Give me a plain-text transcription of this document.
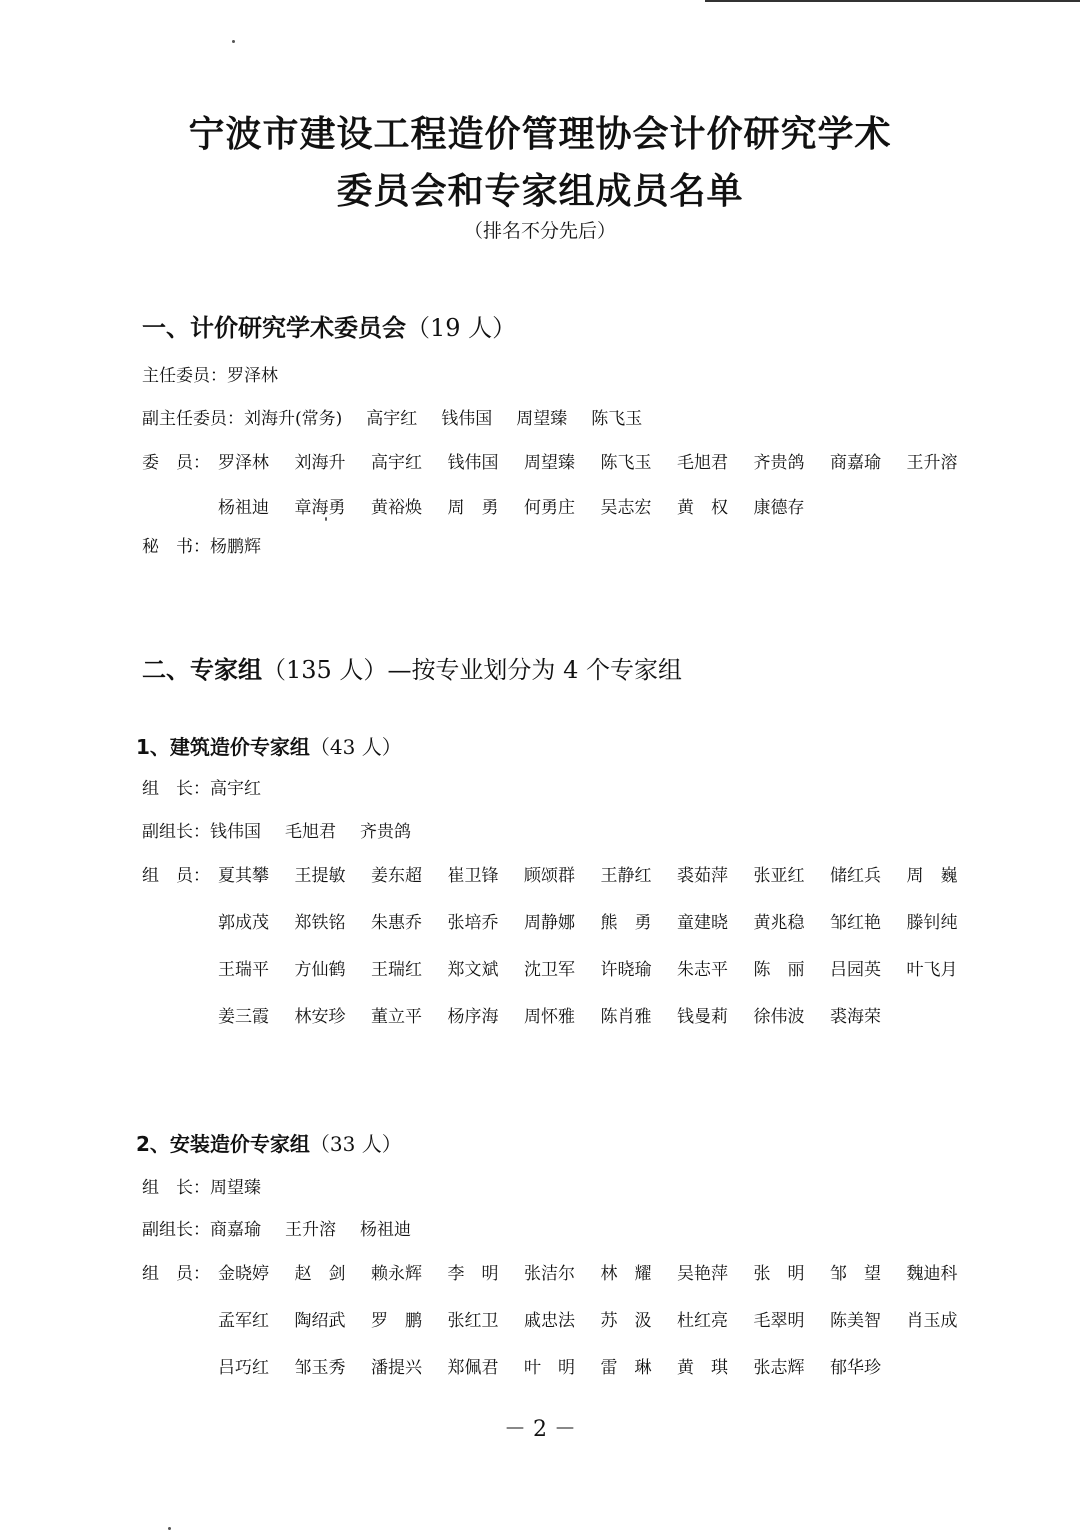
宁波市建设工程造价管理协会计价研究学术
委员会和专家组成员名单
（排名不分先后）
一、计价研究学术委员会（19 人）
主任委员：罗泽林
副主任委员：刘海升(常务) 高宇红 钱伟国 周望臻 陈飞玉
委　员： 罗泽林	刘海升	高宇红	钱伟国	周望臻	陈飞玉	毛旭君	齐贵鸽	商嘉瑜	王升溶
杨祖迪	章海勇	黄裕焕	周　勇	何勇庄	吴志宏	黄　权	康德存
秘　书：杨鹏辉
二、专家组（135 人）—按专业划分为 4 个专家组
1、建筑造价专家组（43 人）
组　长：高宇红
副组长：钱伟国 毛旭君 齐贵鸽
组　员： 夏其攀	王提敏	姜东超	崔卫锋	顾颂群	王静红	裘茹萍	张亚红	储红兵	周　巍
郭成茂	郑铁铭	朱惠乔	张培乔	周静娜	熊　勇	童建晓	黄兆稳	邹红艳	滕钊纯
王瑞平	方仙鹤	王瑞红	郑文斌	沈卫军	许晓瑜	朱志平	陈　丽	吕园英	叶飞月
姜三霞	林安珍	董立平	杨序海	周怀雅	陈肖雅	钱曼莉	徐伟波	裘海荣
2、安装造价专家组（33 人）
组　长：周望臻
副组长：商嘉瑜 王升溶 杨祖迪
组　员： 金晓婷	赵　剑	赖永辉	李　明	张洁尔	林　耀	吴艳萍	张　明	邹　望	魏迪科
孟军红	陶绍武	罗　鹏	张红卫	戚忠法	苏　汲	杜红亮	毛翠明	陈美智	肖玉成
吕巧红	邹玉秀	潘提兴	郑佩君	叶　明	雷　琳	黄　琪	张志辉	郁华珍
－ 2 －
